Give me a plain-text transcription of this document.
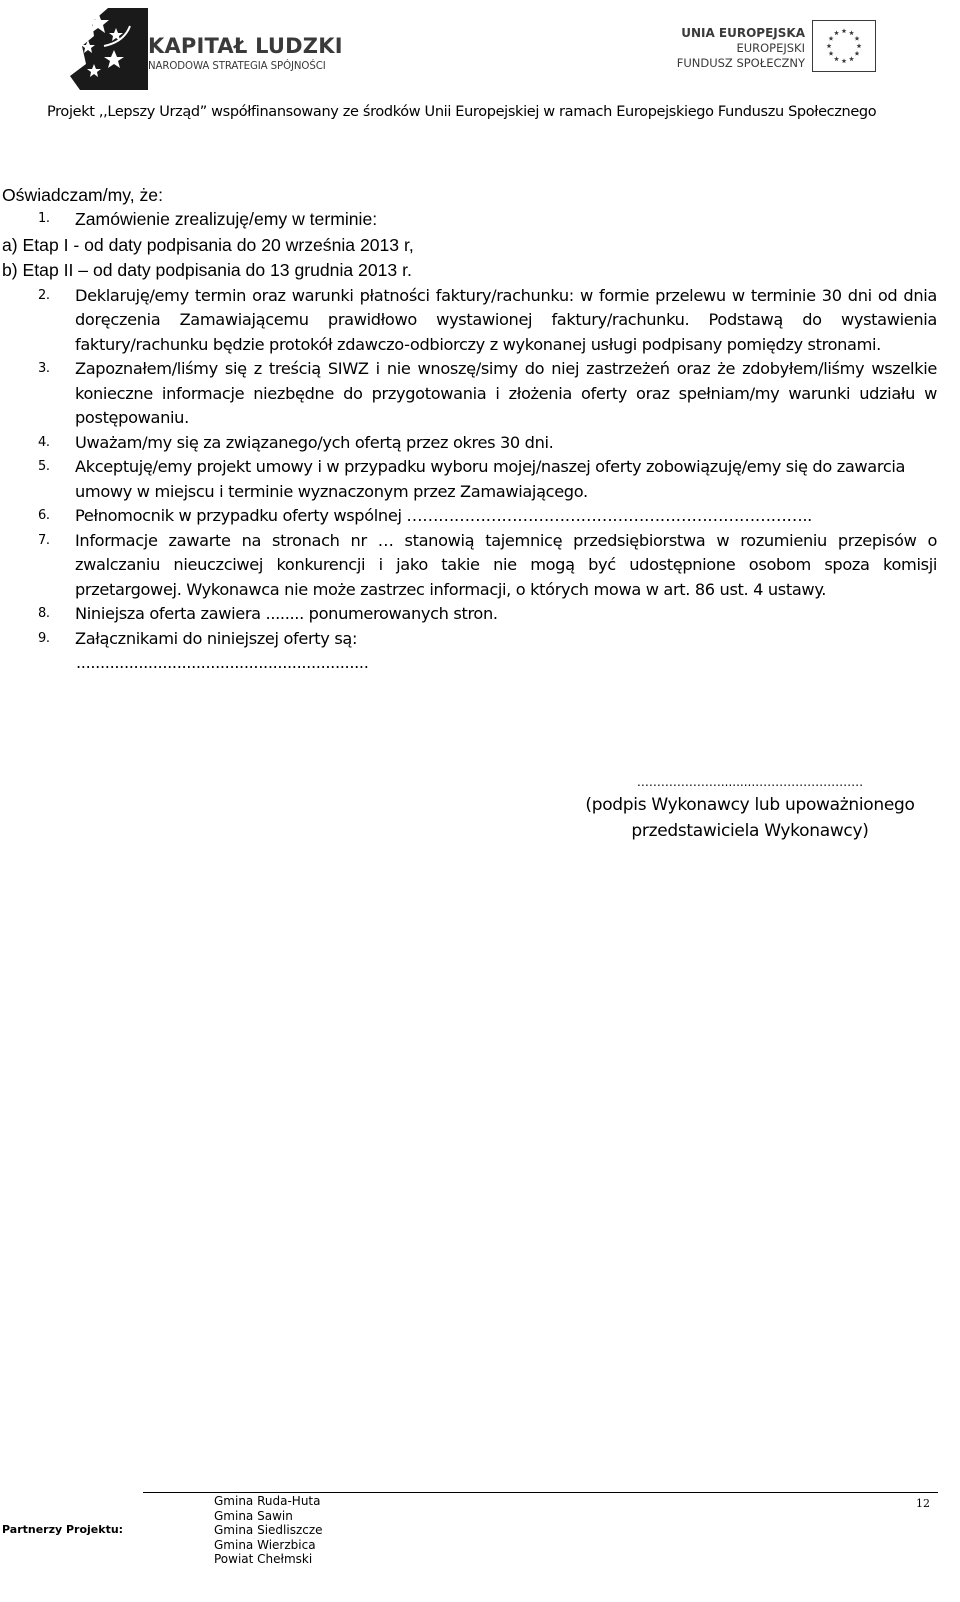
KAPITAŁ LUDZKI
NARODOWA STRATEGIA SPÓJNOŚCI
UNIA EUROPEJSKA
EUROPEJSKI
FUNDUSZ SPOŁECZNY
Projekt ,,Lepszy Urząd” współfinansowany ze środków Unii Europejskiej w ramach Europejskiego Funduszu Społecznego
Oświadczam/my, że:
1. Zamówienie zrealizuję/emy w terminie:
a) Etap I - od daty podpisania do 20 września 2013 r,
b) Etap II – od daty podpisania do 13 grudnia 2013 r.
2. Deklaruję/emy termin oraz warunki płatności faktury/rachunku: w formie przelewu w terminie 30 dni od dnia doręczenia Zamawiającemu prawidłowo wystawionej faktury/rachunku. Podstawą do wystawienia faktury/rachunku będzie protokół zdawczo-odbiorczy z wykonanej usługi podpisany pomiędzy stronami.
3. Zapoznałem/liśmy się z treścią SIWZ i nie wnoszę/simy do niej zastrzeżeń oraz że zdobyłem/liśmy wszelkie konieczne informacje niezbędne do przygotowania i złożenia oferty oraz spełniam/my warunki udziału w postępowaniu.
4. Uważam/my się za związanego/ych ofertą przez okres 30 dni.
5. Akceptuję/emy projekt umowy i w przypadku wyboru mojej/naszej oferty zobowiązuję/emy się do zawarcia umowy w miejscu i terminie wyznaczonym przez Zamawiającego.
6. Pełnomocnik w przypadku oferty wspólnej …………………………………………………………………..
7. Informacje zawarte na stronach nr … stanowią tajemnicę przedsiębiorstwa w rozumieniu przepisów o zwalczaniu nieuczciwej konkurencji i jako takie nie mogą być udostępnione osobom spoza komisji przetargowej. Wykonawca nie może zastrzec informacji, o których mowa w art. 86 ust. 4 ustawy.
8. Niniejsza oferta zawiera ........ ponumerowanych stron.
9. Załącznikami do niniejszej oferty są:
.............................................................
………………….........………………………
(podpis Wykonawcy lub upoważnionego
przedstawiciela Wykonawcy)
Partnerzy Projektu:
Gmina Ruda-Huta
Gmina Sawin
Gmina Siedliszcze
Gmina Wierzbica
Powiat Chełmski
12
